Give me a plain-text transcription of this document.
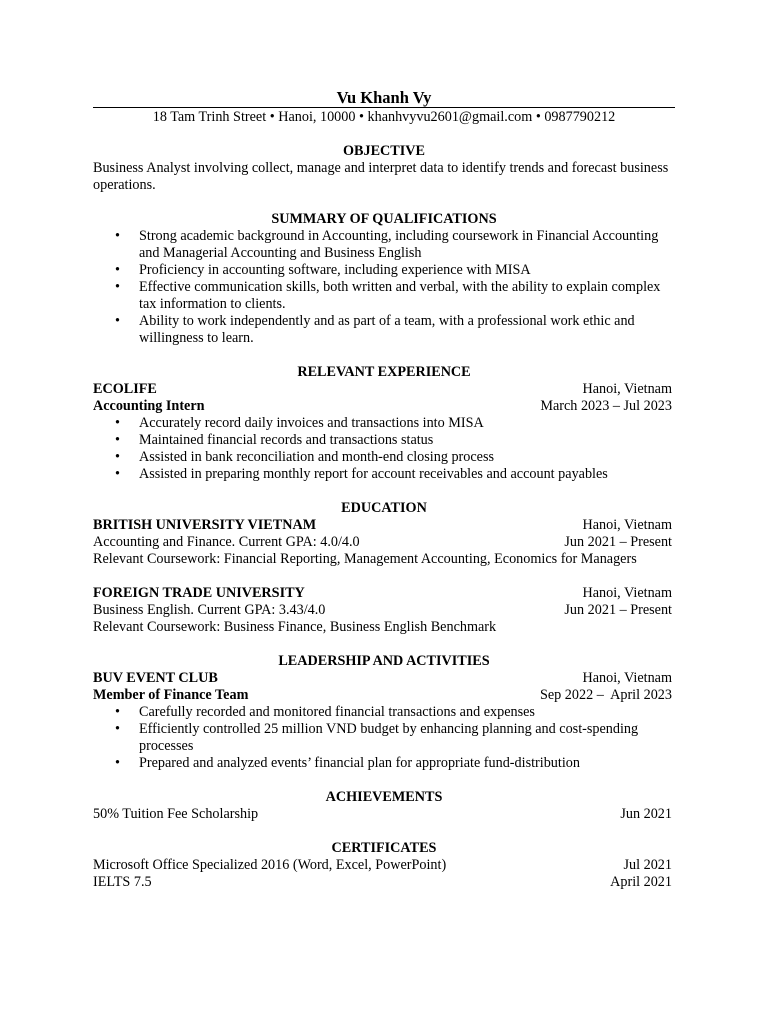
Vu Khanh Vy
18 Tam Trinh Street • Hanoi, 10000 • khanhvyvu2601@gmail.com • 0987790212
OBJECTIVE
Business Analyst involving collect, manage and interpret data to identify trends and forecast business operations.
SUMMARY OF QUALIFICATIONS
• Strong academic background in Accounting, including coursework in Financial Accounting and Managerial Accounting and Business English
• Proficiency in accounting software, including experience with MISA
• Effective communication skills, both written and verbal, with the ability to explain complex tax information to clients.
• Ability to work independently and as part of a team, with a professional work ethic and willingness to learn.
RELEVANT EXPERIENCE
ECOLIFE	Hanoi, Vietnam
Accounting Intern	March 2023 – Jul 2023
• Accurately record daily invoices and transactions into MISA
• Maintained financial records and transactions status
• Assisted in bank reconciliation and month-end closing process
• Assisted in preparing monthly report for account receivables and account payables
EDUCATION
BRITISH UNIVERSITY VIETNAM	Hanoi, Vietnam
Accounting and Finance. Current GPA: 4.0/4.0	Jun 2021 – Present
Relevant Coursework: Financial Reporting, Management Accounting, Economics for Managers
FOREIGN TRADE UNIVERSITY	Hanoi, Vietnam
Business English. Current GPA: 3.43/4.0	Jun 2021 – Present
Relevant Coursework: Business Finance, Business English Benchmark
LEADERSHIP AND ACTIVITIES
BUV EVENT CLUB	Hanoi, Vietnam
Member of Finance Team	Sep 2022 –  April 2023
• Carefully recorded and monitored financial transactions and expenses
• Efficiently controlled 25 million VND budget by enhancing planning and cost-spending processes
• Prepared and analyzed events’ financial plan for appropriate fund-distribution
ACHIEVEMENTS
50% Tuition Fee Scholarship	Jun 2021
CERTIFICATES
Microsoft Office Specialized 2016 (Word, Excel, PowerPoint)	Jul 2021
IELTS 7.5	April 2021
